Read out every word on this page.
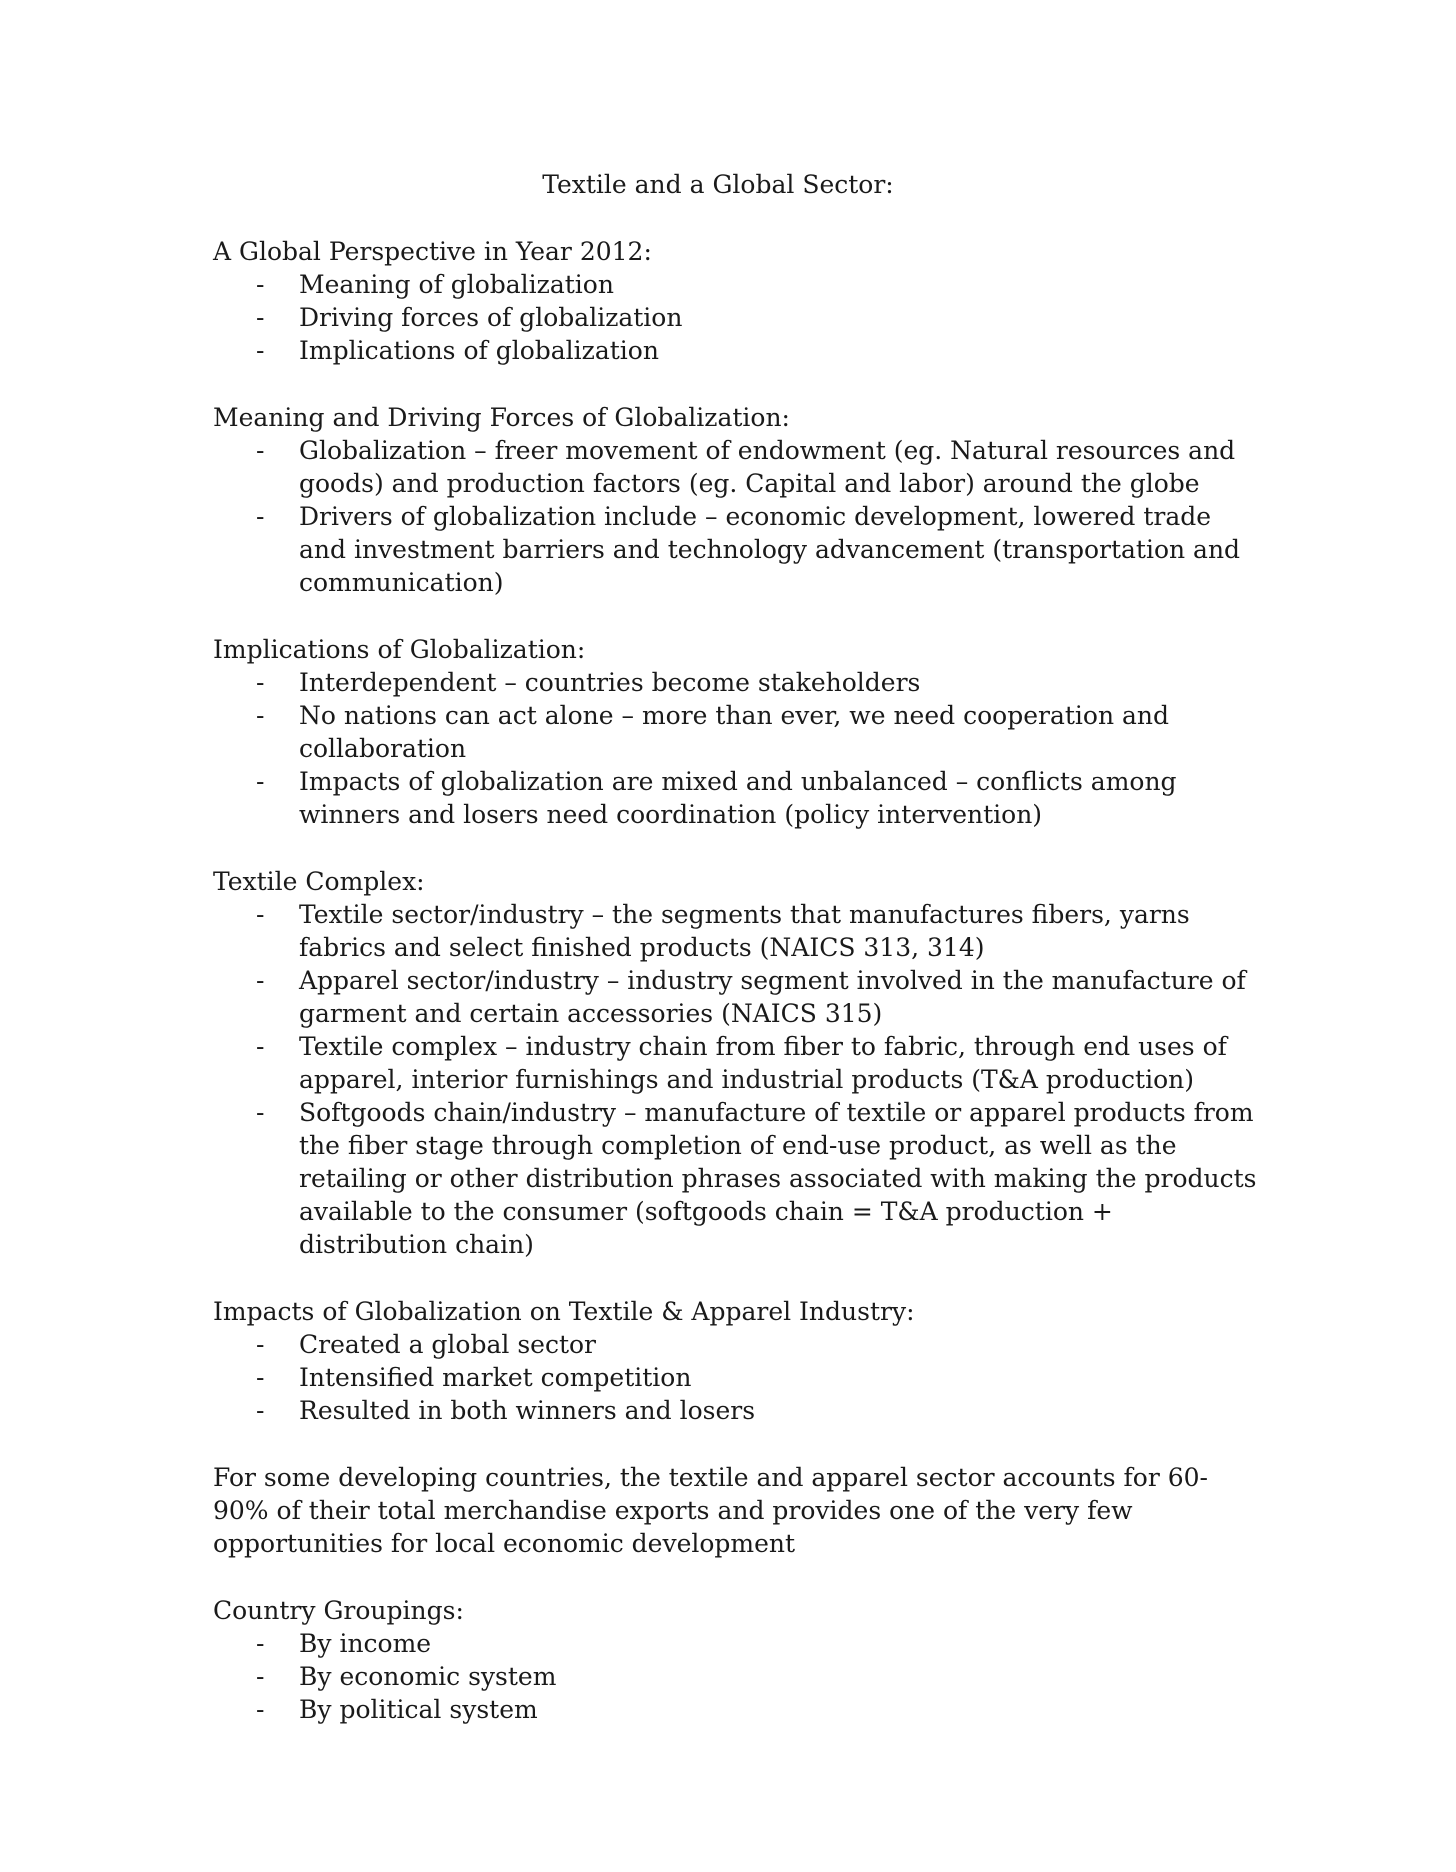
Textile and a Global Sector:

A Global Perspective in Year 2012:

- Meaning of globalization
- Driving forces of globalization
- Implications of globalization

Meaning and Driving Forces of Globalization:

- Globalization – freer movement of endowment (eg. Natural resources and goods) and production factors (eg. Capital and labor) around the globe
- Drivers of globalization include – economic development, lowered trade and investment barriers and technology advancement (transportation and communication)

Implications of Globalization:

- Interdependent – countries become stakeholders
- No nations can act alone – more than ever, we need cooperation and collaboration
- Impacts of globalization are mixed and unbalanced – conflicts among winners and losers need coordination (policy intervention)

Textile Complex:

- Textile sector/industry – the segments that manufactures fibers, yarns fabrics and select finished products (NAICS 313, 314)
- Apparel sector/industry – industry segment involved in the manufacture of garment and certain accessories (NAICS 315)
- Textile complex – industry chain from fiber to fabric, through end uses of apparel, interior furnishings and industrial products (T&A production)
- Softgoods chain/industry – manufacture of textile or apparel products from the fiber stage through completion of end-use product, as well as the retailing or other distribution phrases associated with making the products available to the consumer (softgoods chain = T&A production + distribution chain)

Impacts of Globalization on Textile & Apparel Industry:

- Created a global sector
- Intensified market competition
- Resulted in both winners and losers

For some developing countries, the textile and apparel sector accounts for 60-90% of their total merchandise exports and provides one of the very few opportunities for local economic development

Country Groupings:

- By income
- By economic system
- By political system
